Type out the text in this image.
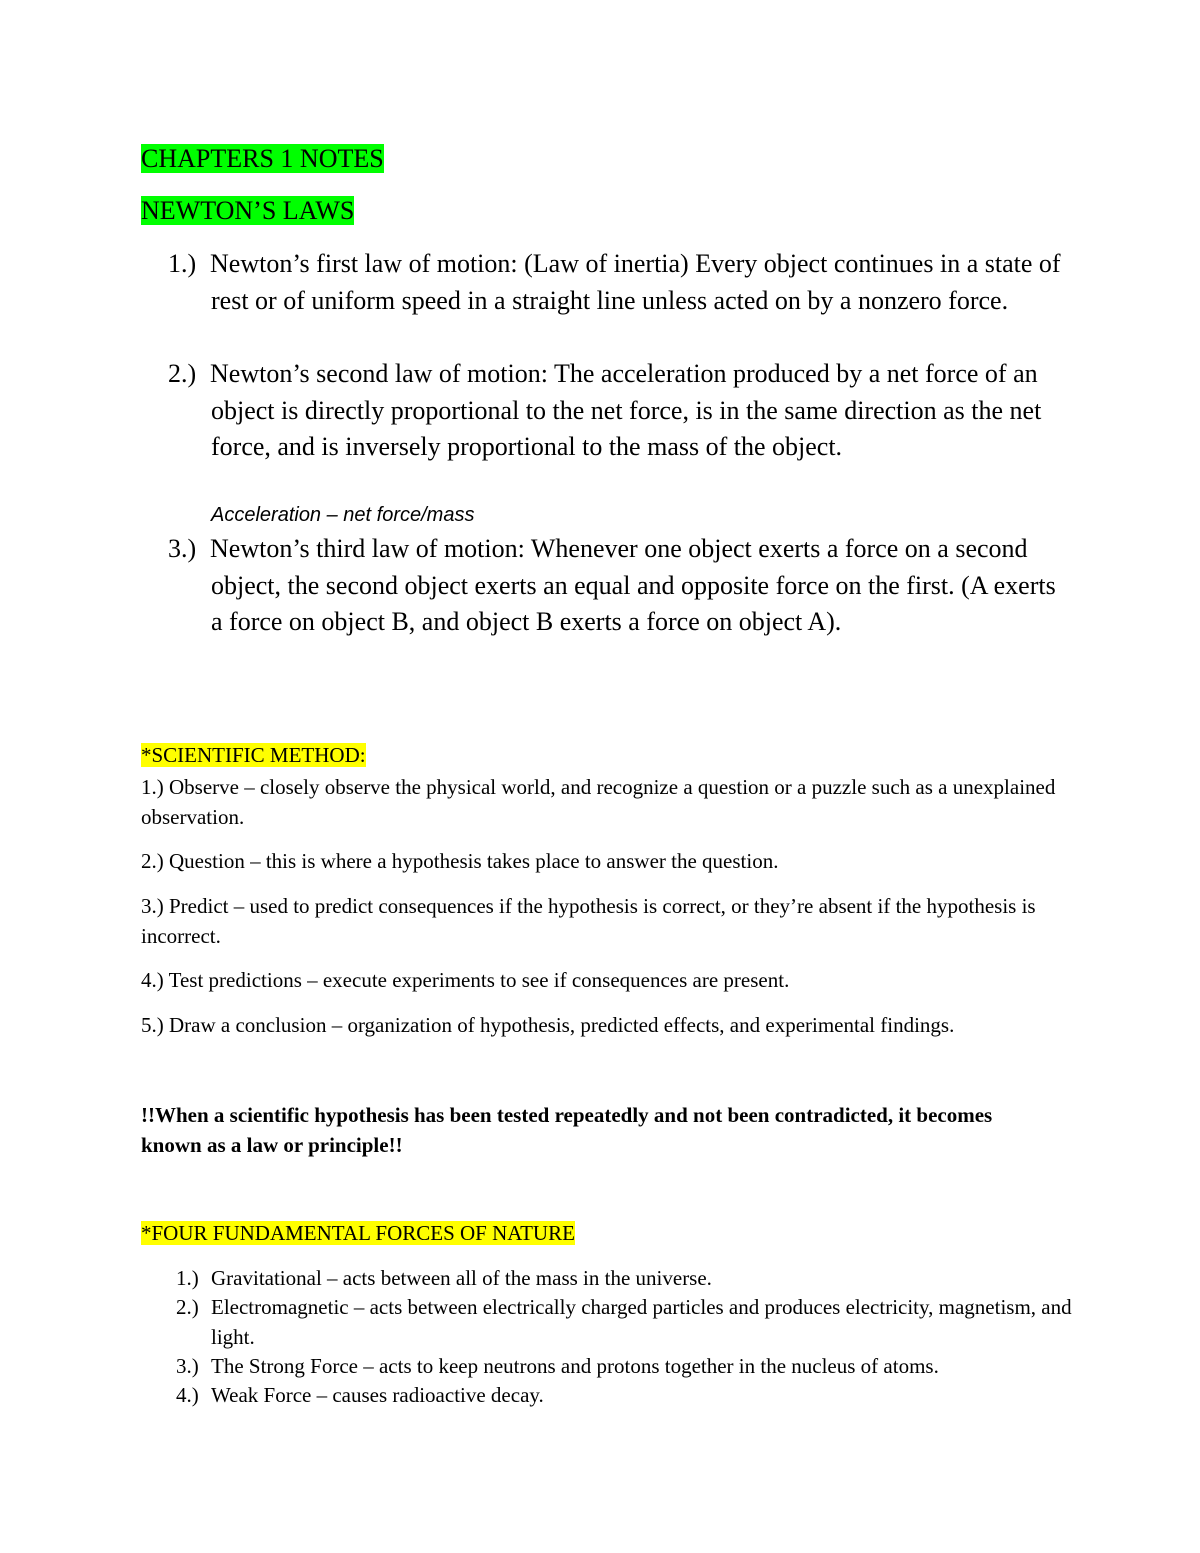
CHAPTERS 1 NOTES
NEWTON’S LAWS
1.) Newton’s first law of motion: (Law of inertia) Every object continues in a state of rest or of uniform speed in a straight line unless acted on by a nonzero force.
2.) Newton’s second law of motion: The acceleration produced by a net force of an object is directly proportional to the net force, is in the same direction as the net force, and is inversely proportional to the mass of the object.
Acceleration – net force/mass
3.) Newton’s third law of motion: Whenever one object exerts a force on a second object, the second object exerts an equal and opposite force on the first. (A exerts a force on object B, and object B exerts a force on object A).
*SCIENTIFIC METHOD:
1.) Observe – closely observe the physical world, and recognize a question or a puzzle such as a unexplained observation.
2.) Question – this is where a hypothesis takes place to answer the question.
3.) Predict – used to predict consequences if the hypothesis is correct, or they’re absent if the hypothesis is incorrect.
4.) Test predictions – execute experiments to see if consequences are present.
5.) Draw a conclusion – organization of hypothesis, predicted effects, and experimental findings.
!!When a scientific hypothesis has been tested repeatedly and not been contradicted, it becomes known as a law or principle!!
*FOUR FUNDAMENTAL FORCES OF NATURE
1.) Gravitational – acts between all of the mass in the universe.
2.) Electromagnetic – acts between electrically charged particles and produces electricity, magnetism, and light.
3.) The Strong Force – acts to keep neutrons and protons together in the nucleus of atoms.
4.) Weak Force – causes radioactive decay.
